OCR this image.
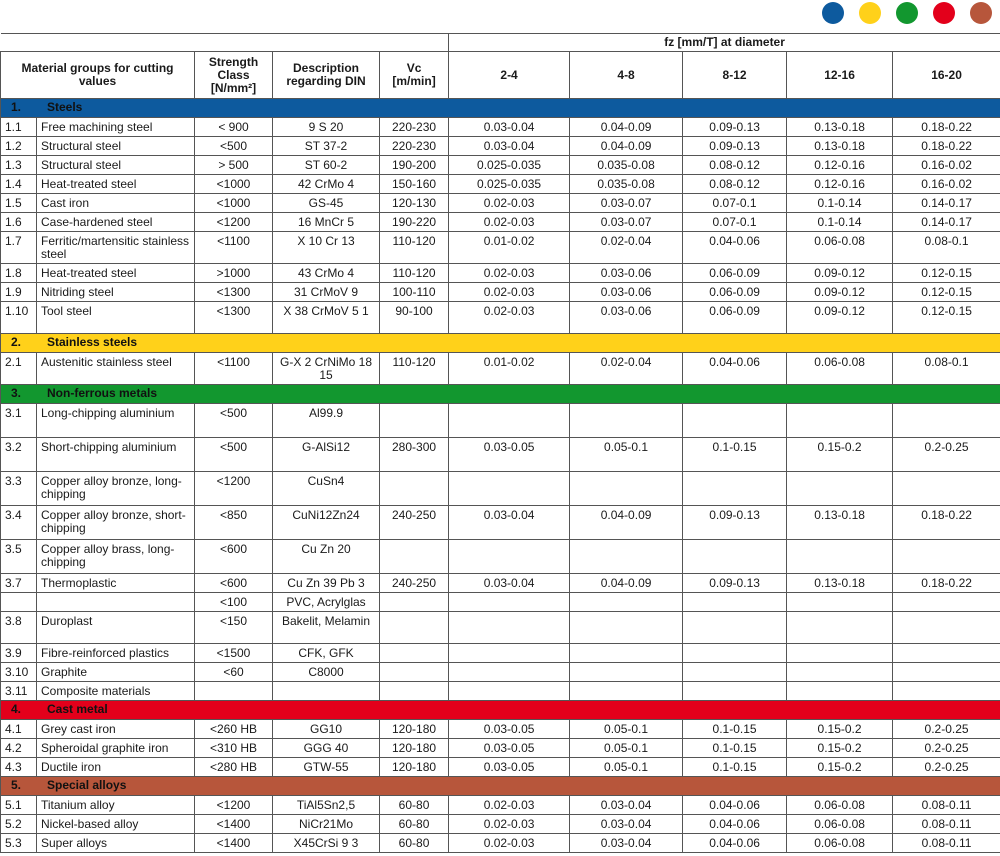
					fz [mm/T] at diameter				
Material groups for cutting values		Strength Class [N/mm²]	Description regarding DIN	Vc [m/min]	2-4	4-8	8-12	12-16	16-20
1. Steels									
1.1	Free machining steel	< 900	9 S 20	220-230	0.03-0.04	0.04-0.09	0.09-0.13	0.13-0.18	0.18-0.22
1.2	Structural steel	<500	ST 37-2	220-230	0.03-0.04	0.04-0.09	0.09-0.13	0.13-0.18	0.18-0.22
1.3	Structural steel	> 500	ST 60-2	190-200	0.025-0.035	0.035-0.08	0.08-0.12	0.12-0.16	0.16-0.02
1.4	Heat-treated steel	<1000	42 CrMo 4	150-160	0.025-0.035	0.035-0.08	0.08-0.12	0.12-0.16	0.16-0.02
1.5	Cast iron	<1000	GS-45	120-130	0.02-0.03	0.03-0.07	0.07-0.1	0.1-0.14	0.14-0.17
1.6	Case-hardened steel	<1200	16 MnCr 5	190-220	0.02-0.03	0.03-0.07	0.07-0.1	0.1-0.14	0.14-0.17
1.7	Ferritic/martensitic stainless steel	<1100	X 10 Cr 13	110-120	0.01-0.02	0.02-0.04	0.04-0.06	0.06-0.08	0.08-0.1
1.8	Heat-treated steel	>1000	43 CrMo 4	110-120	0.02-0.03	0.03-0.06	0.06-0.09	0.09-0.12	0.12-0.15
1.9	Nitriding steel	<1300	31 CrMoV 9	100-110	0.02-0.03	0.03-0.06	0.06-0.09	0.09-0.12	0.12-0.15
1.10	Tool steel	<1300	X 38 CrMoV 5 1	90-100	0.02-0.03	0.03-0.06	0.06-0.09	0.09-0.12	0.12-0.15
2. Stainless steels									
2.1	Austenitic stainless steel	<1100	G-X 2 CrNiMo 18 15	110-120	0.01-0.02	0.02-0.04	0.04-0.06	0.06-0.08	0.08-0.1
3. Non-ferrous metals									
3.1	Long-chipping aluminium	<500	Al99.9						
3.2	Short-chipping aluminium	<500	G-AlSi12	280-300	0.03-0.05	0.05-0.1	0.1-0.15	0.15-0.2	0.2-0.25
3.3	Copper alloy bronze, long-chipping	<1200	CuSn4						
3.4	Copper alloy bronze, short-chipping	<850	CuNi12Zn24	240-250	0.03-0.04	0.04-0.09	0.09-0.13	0.13-0.18	0.18-0.22
3.5	Copper alloy brass, long-chipping	<600	Cu Zn 20						
3.7	Thermoplastic	<600	Cu Zn 39 Pb 3	240-250	0.03-0.04	0.04-0.09	0.09-0.13	0.13-0.18	0.18-0.22
		<100	PVC, Acrylglas						
3.8	Duroplast	<150	Bakelit, Melamin						
3.9	Fibre-reinforced plastics	<1500	CFK, GFK						
3.10	Graphite	<60	C8000						
3.11	Composite materials								
4. Cast metal									
4.1	Grey cast iron	<260 HB	GG10	120-180	0.03-0.05	0.05-0.1	0.1-0.15	0.15-0.2	0.2-0.25
4.2	Spheroidal graphite iron	<310 HB	GGG 40	120-180	0.03-0.05	0.05-0.1	0.1-0.15	0.15-0.2	0.2-0.25
4.3	Ductile iron	<280 HB	GTW-55	120-180	0.03-0.05	0.05-0.1	0.1-0.15	0.15-0.2	0.2-0.25
5. Special alloys									
5.1	Titanium alloy	<1200	TiAl5Sn2,5	60-80	0.02-0.03	0.03-0.04	0.04-0.06	0.06-0.08	0.08-0.11
5.2	Nickel-based alloy	<1400	NiCr21Mo	60-80	0.02-0.03	0.03-0.04	0.04-0.06	0.06-0.08	0.08-0.11
5.3	Super alloys	<1400	X45CrSi 9 3	60-80	0.02-0.03	0.03-0.04	0.04-0.06	0.06-0.08	0.08-0.11
